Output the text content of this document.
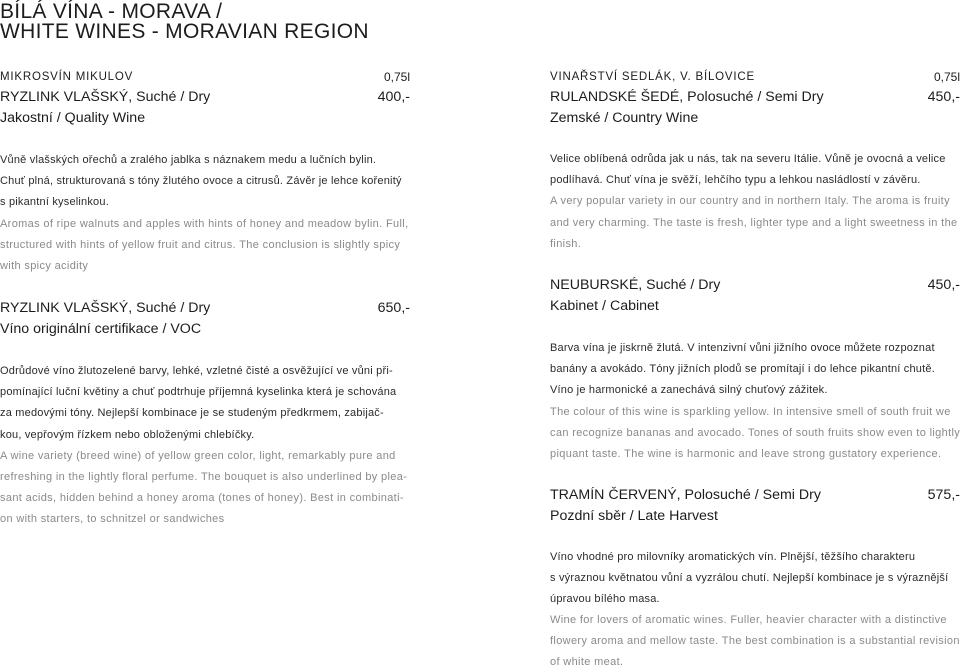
BÍLÁ VÍNA - MORAVA /
WHITE WINES - MORAVIAN REGION
MIKROSVÍN MIKULOV	0,75l
RYZLINK VLAŠSKÝ, Suché / Dry	400,-
Jakostní / Quality Wine
Vůně vlašských ořechů a zralého jablka s náznakem medu a lučních bylin.
Chuť plná, strukturovaná s tóny žlutého ovoce a citrusů. Závěr je lehce kořenitý
s pikantní kyselinkou.
Aromas of ripe walnuts and apples with hints of honey and meadow bylin. Full,
structured with hints of yellow fruit and citrus. The conclusion is slightly spicy
with spicy acidity
RYZLINK VLAŠSKÝ, Suché / Dry	650,-
Víno originální certifikace / VOC
Odrůdové víno žlutozelené barvy, lehké, vzletné čisté a osvěžující ve vůni při-
pomínající luční květiny a chuť podtrhuje příjemná kyselinka která je schována
za medovými tóny. Nejlepší kombinace je se studeným předkrmem, zabijač-
kou, vepřovým řízkem nebo obloženými chlebíčky.
A wine variety (breed wine) of yellow green color, light, remarkably pure and
refreshing in the lightly floral perfume. The bouquet is also underlined by plea-
sant acids, hidden behind a honey aroma (tones of honey). Best in combinati-
on with starters, to schnitzel or sandwiches
VINAŘSTVÍ SEDLÁK, V. BÍLOVICE	0,75l
RULANDSKÉ ŠEDÉ, Polosuché / Semi Dry	450,-
Zemské / Country Wine
Velice oblíbená odrůda jak u nás, tak na severu Itálie. Vůně je ovocná a velice
podlíhavá. Chuť vína je svěží, lehčího typu a lehkou nasládlostí v závěru.
A very popular variety in our country and in northern Italy. The aroma is fruity
and very charming. The taste is fresh, lighter type and a light sweetness in the
finish.
NEUBURSKÉ, Suché / Dry	450,-
Kabinet / Cabinet
Barva vína je jiskrně žlutá. V intenzivní vůni jižního ovoce můžete rozpoznat
banány a avokádo. Tóny jižních plodů se promítají i do lehce pikantní chutě.
Víno je harmonické a zanechává silný chuťový zážitek.
The colour of this wine is sparkling yellow. In intensive smell of south fruit we
can recognize bananas and avocado. Tones of south fruits show even to lightly
piquant taste. The wine is harmonic and leave strong gustatory experience.
TRAMÍN ČERVENÝ, Polosuché / Semi Dry	575,-
Pozdní sběr / Late Harvest
Víno vhodné pro milovníky aromatických vín. Plnější, těžšího charakteru
s výraznou květnatou vůní a vyzrálou chutí. Nejlepší kombinace je s výraznější
úpravou bílého masa.
Wine for lovers of aromatic wines. Fuller, heavier character with a distinctive
flowery aroma and mellow taste. The best combination is a substantial revision
of white meat.
